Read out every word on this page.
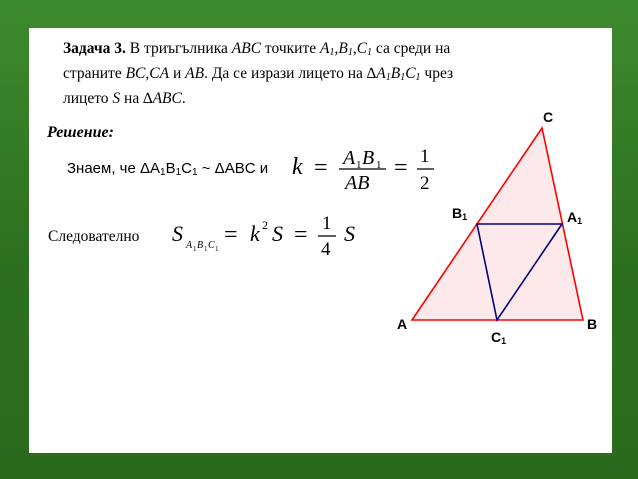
Задача 3. В триъгълника ABC точките $A_1,B_1,C_1$ са среди на
страните BC,CA и AB. Да се изрази лицето на $\Delta A_1B_1C_1$ чрез
лицето S на ∆ABC.
Решение:
Знаем, че $\Delta A_1B_1C_1$ ~ ΔABC и k = A 1 B 1
AB
= 1
2
Следователно S A 1 B 1 C 1
= k 2 S = 1
4
S
C
$B_1$	$A_1$
A	B
$C_1$
